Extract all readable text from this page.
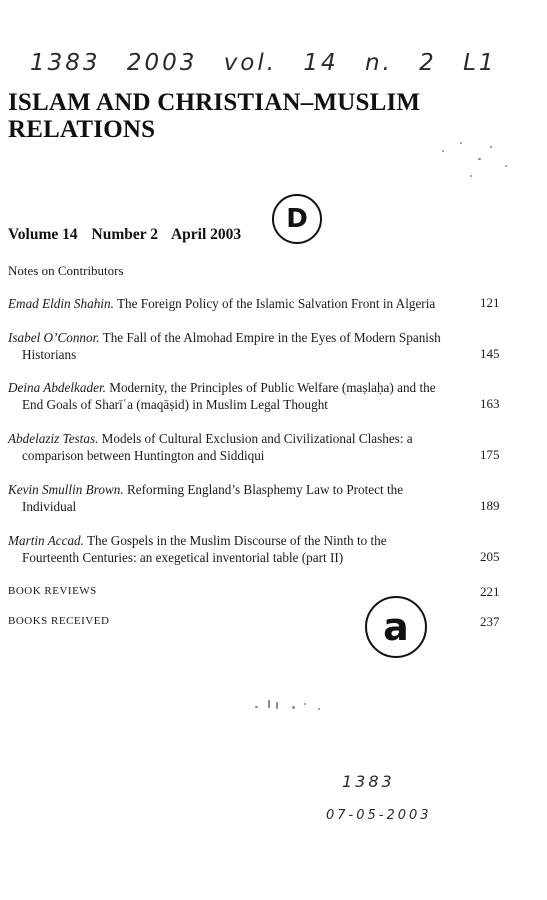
1383 2003 vol. 14 n. 2 L1
ISLAM AND CHRISTIAN–MUSLIM
RELATIONS
Volume 14 Number 2 April 2003
D
Notes on Contributors
Emad Eldin Shahin. The Foreign Policy of the Islamic Salvation Front in Algeria	121
Isabel O’Connor. The Fall of the Almohad Empire in the Eyes of Modern Spanish
Historians	145
Deina Abdelkader. Modernity, the Principles of Public Welfare (maṣlaḥa) and the
End Goals of Sharīʿa (maqāṣid) in Muslim Legal Thought	163
Abdelaziz Testas. Models of Cultural Exclusion and Civilizational Clashes: a
comparison between Huntington and Siddiqui	175
Kevin Smullin Brown. Reforming England’s Blasphemy Law to Protect the
Individual	189
Martin Accad. The Gospels in the Muslim Discourse of the Ninth to the
Fourteenth Centuries: an exegetical inventorial table (part II)	205
BOOK REVIEWS	221
BOOKS RECEIVED	237
a
1383
07-05-2003
